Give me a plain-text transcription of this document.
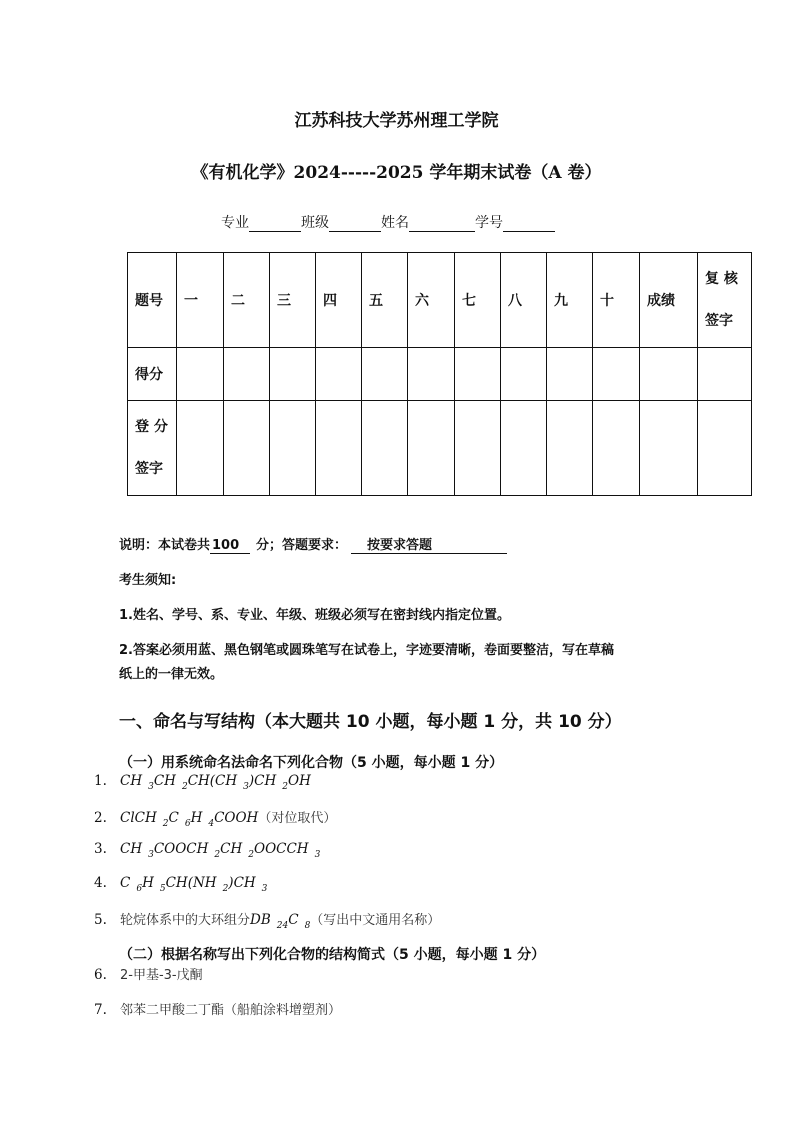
江苏科技大学苏州理工学院
《有机化学》2024-----2025 学年期末试卷（A 卷）
专业	班级	姓名	学号
题号	一	二	三	四	五	六	七	八	九	十	成绩	复 核
签字

得分												

登 分
签字												

说明：本试卷共 100 分；答题要求： 按要求答题
考生须知:
1.姓名、学号、系、专业、年级、班级必须写在密封线内指定位置。
2.答案必须用蓝、黑色钢笔或圆珠笔写在试卷上，字迹要清晰，卷面要整洁，写在草稿
纸上的一律无效。
一、命名与写结构（本大题共 10 小题，每小题 1 分，共 10 分）
（一）用系统命名法命名下列化合物（5 小题，每小题 1 分）
1. CH $_3$CH $_2$CH(CH $_3$)CH $_2$OH
2. ClCH $_2$C $_6$H $_4$COOH（对位取代）
3. CH $_3$COOCH $_2$CH $_2$OOCCH $_3$
4. C $_6$H $_5$CH(NH $_2$)CH $_3$
5. 轮烷体系中的大环组分DB $_{24}$C $_8$（写出中文通用名称）
（二）根据名称写出下列化合物的结构简式（5 小题，每小题 1 分）
6. 2-甲基-3-戊酮
7. 邻苯二甲酸二丁酯（船舶涂料增塑剂）
